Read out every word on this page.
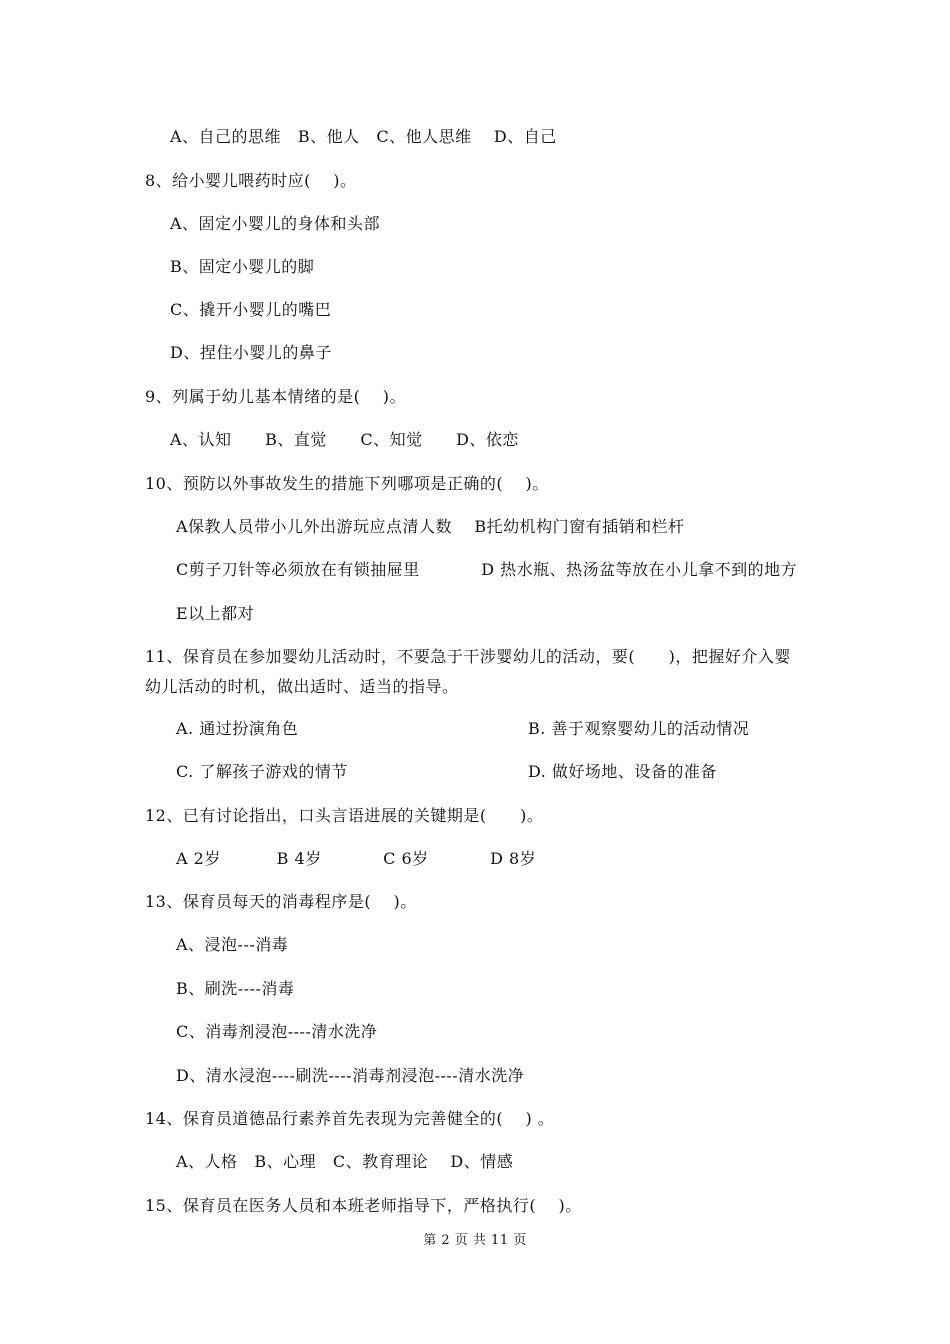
A、自己的思维   B、他人   C、他人思维    D、自己
8、给小婴儿喂药时应(    )。
A、固定小婴儿的身体和头部
B、固定小婴儿的脚
C、撬开小婴儿的嘴巴
D、捏住小婴儿的鼻子
9、列属于幼儿基本情绪的是(    )。
A、认知      B、直觉      C、知觉      D、依恋
10、预防以外事故发生的措施下列哪项是正确的(    )。
A保教人员带小儿外出游玩应点清人数    B托幼机构门窗有插销和栏杆
C剪子刀针等必须放在有锁抽屉里           D 热水瓶、热汤盆等放在小儿拿不到的地方
E以上都对
11、保育员在参加婴幼儿活动时，不要急于干涉婴幼儿的活动，要(      )，把握好介入婴
幼儿活动的时机，做出适时、适当的指导。
A. 通过扮演角色	B. 善于观察婴幼儿的活动情况
C. 了解孩子游戏的情节	D. 做好场地、设备的准备
12、已有讨论指出，口头言语进展的关键期是(      )。
A 2岁          B 4岁           C 6岁           D 8岁
13、保育员每天的消毒程序是(    )。
A、浸泡---消毒
B、刷洗----消毒
C、消毒剂浸泡----清水洗净
D、清水浸泡----刷洗----消毒剂浸泡----清水洗净
14、保育员道德品行素养首先表现为完善健全的(    ) 。
A、人格   B、心理   C、教育理论    D、情感
15、保育员在医务人员和本班老师指导下，严格执行(    )。
第 2 页 共 11 页
